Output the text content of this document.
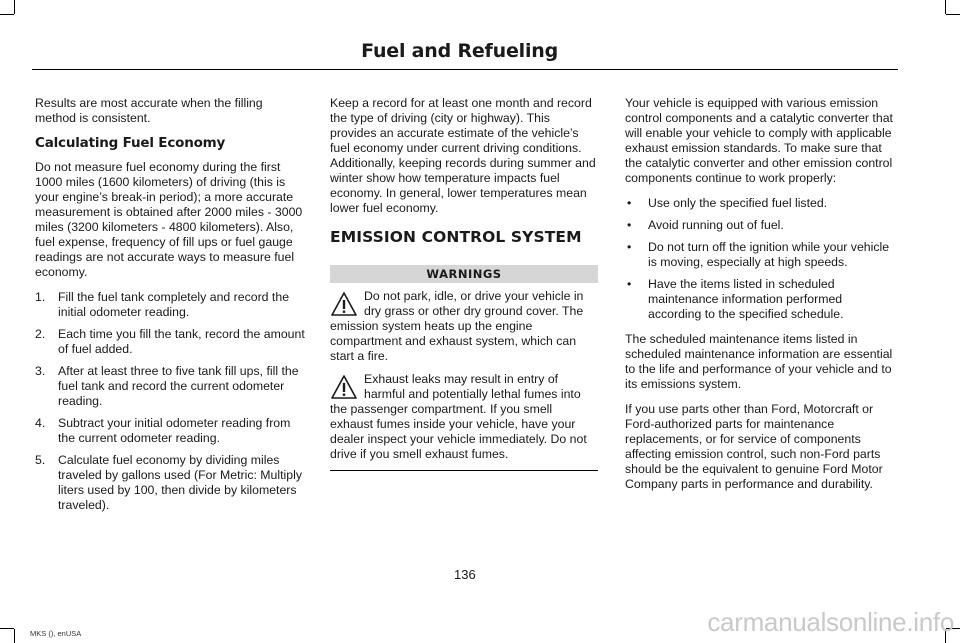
Fuel and Refueling

Results are most accurate when the filling method is consistent.

Calculating Fuel Economy

Do not measure fuel economy during the first 1000 miles (1600 kilometers) of driving (this is your engine’s break-in period); a more accurate measurement is obtained after 2000 miles - 3000 miles (3200 kilometers - 4800 kilometers). Also, fuel expense, frequency of fill ups or fuel gauge readings are not accurate ways to measure fuel economy.

1. Fill the fuel tank completely and record the initial odometer reading.
2. Each time you fill the tank, record the amount of fuel added.
3. After at least three to five tank fill ups, fill the fuel tank and record the current odometer reading.
4. Subtract your initial odometer reading from the current odometer reading.
5. Calculate fuel economy by dividing miles traveled by gallons used (For Metric: Multiply liters used by 100, then divide by kilometers traveled).

Keep a record for at least one month and record the type of driving (city or highway). This provides an accurate estimate of the vehicle’s fuel economy under current driving conditions. Additionally, keeping records during summer and winter show how temperature impacts fuel economy. In general, lower temperatures mean lower fuel economy.

EMISSION CONTROL SYSTEM
WARNINGS
Do not park, idle, or drive your vehicle in dry grass or other dry ground cover. The emission system heats up the engine compartment and exhaust system, which can start a fire.
Exhaust leaks may result in entry of harmful and potentially lethal fumes into the passenger compartment. If you smell exhaust fumes inside your vehicle, have your dealer inspect your vehicle immediately. Do not drive if you smell exhaust fumes.

Your vehicle is equipped with various emission control components and a catalytic converter that will enable your vehicle to comply with applicable exhaust emission standards. To make sure that the catalytic converter and other emission control components continue to work properly:

• Use only the specified fuel listed.
• Avoid running out of fuel.
• Do not turn off the ignition while your vehicle is moving, especially at high speeds.
• Have the items listed in scheduled maintenance information performed according to the specified schedule.

The scheduled maintenance items listed in scheduled maintenance information are essential to the life and performance of your vehicle and to its emissions system.

If you use parts other than Ford, Motorcraft or Ford-authorized parts for maintenance replacements, or for service of components affecting emission control, such non-Ford parts should be the equivalent to genuine Ford Motor Company parts in performance and durability.

136
MKS (), enUSA	carmanualsonline.info
